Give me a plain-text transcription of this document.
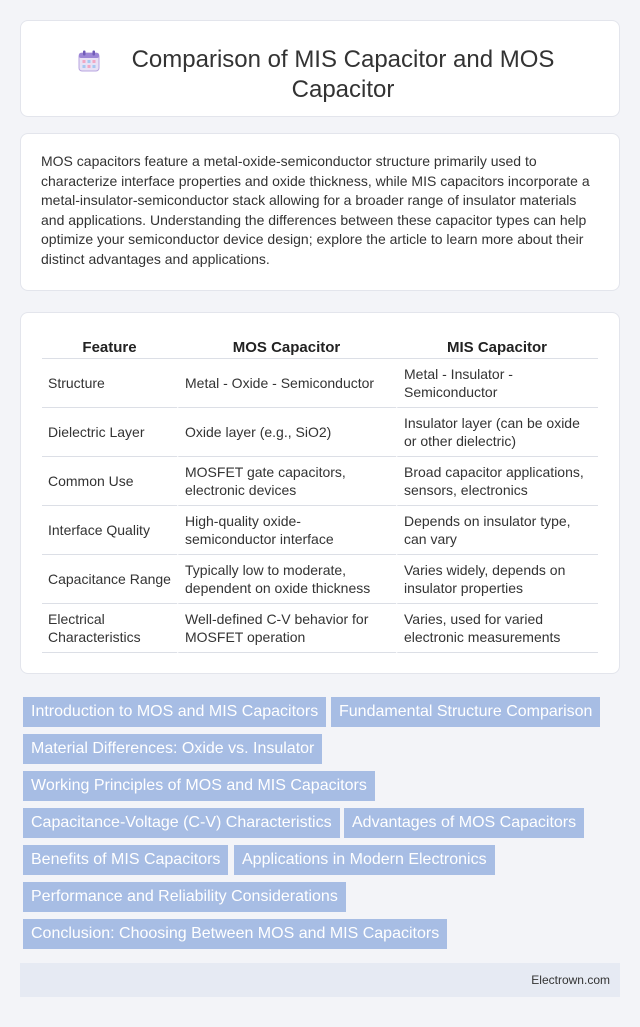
Comparison of MIS Capacitor and MOS Capacitor

MOS capacitors feature a metal-oxide-semiconductor structure primarily used to characterize interface properties and oxide thickness, while MIS capacitors incorporate a metal-insulator-semiconductor stack allowing for a broader range of insulator materials and applications. Understanding the differences between these capacitor types can help optimize your semiconductor device design; explore the article to learn more about their distinct advantages and applications.

Feature	MOS Capacitor	MIS Capacitor
Structure	Metal - Oxide - Semiconductor	Metal - Insulator - Semiconductor
Dielectric Layer	Oxide layer (e.g., SiO2)	Insulator layer (can be oxide or other dielectric)
Common Use	MOSFET gate capacitors, electronic devices	Broad capacitor applications, sensors, electronics
Interface Quality	High-quality oxide-semiconductor interface	Depends on insulator type, can vary
Capacitance Range	Typically low to moderate, dependent on oxide thickness	Varies widely, depends on insulator properties
Electrical Characteristics	Well-defined C-V behavior for MOSFET operation	Varies, used for varied electronic measurements
Introduction to MOS and MIS Capacitors	Fundamental Structure Comparison
Material Differences: Oxide vs. Insulator
Working Principles of MOS and MIS Capacitors
Capacitance-Voltage (C-V) Characteristics	Advantages of MOS Capacitors
Benefits of MIS Capacitors	Applications in Modern Electronics
Performance and Reliability Considerations
Conclusion: Choosing Between MOS and MIS Capacitors
Electrown.com
